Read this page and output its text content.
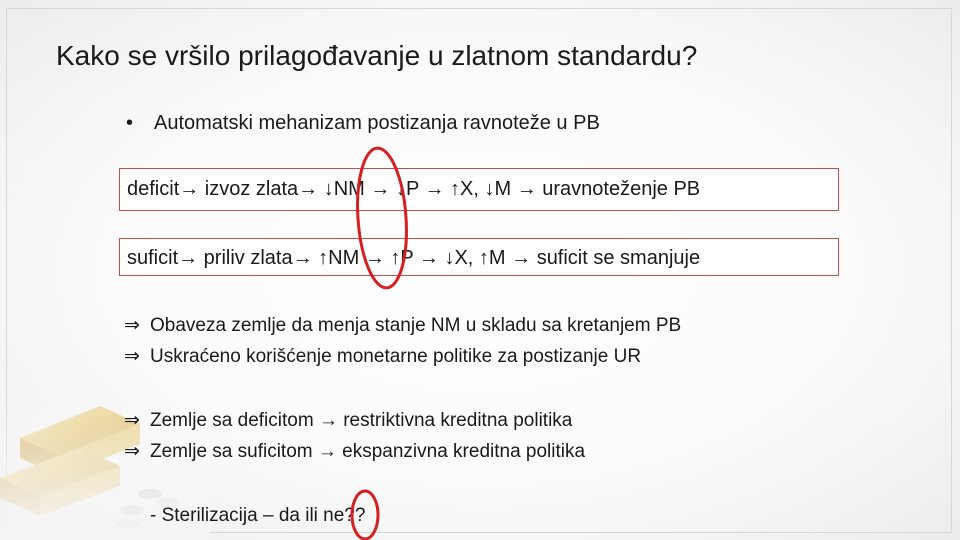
Kako se vršilo prilagođavanje u zlatnom standardu?
• Automatski mehanizam postizanja ravnoteže u PB
deficit→ izvoz zlata→ ↓NM → ↓P → ↑X, ↓M → uravnoteženje PB
suficit→ priliv zlata→ ↑NM → ↑P → ↓X, ↑M → suficit se smanjuje
⇒ Obaveza zemlje da menja stanje NM u skladu sa kretanjem PB
⇒ Uskraćeno korišćenje monetarne politike za postizanje UR
⇒ Zemlje sa deficitom → restriktivna kreditna politika
⇒ Zemlje sa suficitom → ekspanzivna kreditna politika
- Sterilizacija – da ili ne??
